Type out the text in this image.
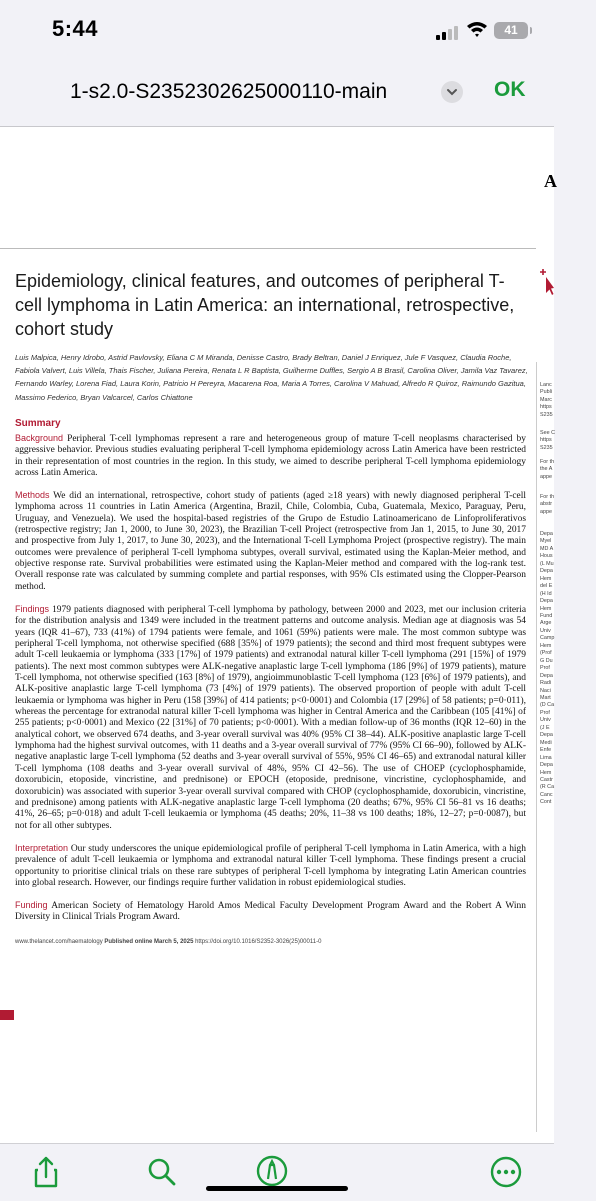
5:44	41
1-s2.0-S2352302625000110-main	OK
Epidemiology, clinical features, and outcomes of peripheral T-cell lymphoma in Latin America: an international, retrospective, cohort study
Luis Malpica, Henry Idrobo, Astrid Pavlovsky, Eliana C M Miranda, Denisse Castro, Brady Beltran, Daniel J Enriquez, Jule F Vasquez, Claudia Roche, Fabiola Valvert, Luis Villela, Thais Fischer, Juliana Pereira, Renata L R Baptista, Guilherme Duffles, Sergio A B Brasil, Carolina Oliver, Jamila Vaz Tavarez, Fernando Warley, Lorena Fiad, Laura Korin, Patricio H Pereyra, Macarena Roa, Maria A Torres, Carolina V Mahuad, Alfredo R Quiroz, Raimundo Gazitua, Massimo Federico, Bryan Valcarcel, Carlos Chiattone
Summary
Background Peripheral T-cell lymphomas represent a rare and heterogeneous group of mature T-cell neoplasms characterised by aggressive behavior. Previous studies evaluating peripheral T-cell lymphoma epidemiology across Latin America have been restricted in their representation of most countries in the region. In this study, we aimed to describe peripheral T-cell lymphoma epidemiology across Latin America.
Methods We did an international, retrospective, cohort study of patients (aged ≥18 years) with newly diagnosed peripheral T-cell lymphoma across 11 countries in Latin America (Argentina, Brazil, Chile, Colombia, Cuba, Guatemala, Mexico, Paraguay, Peru, Uruguay, and Venezuela). We used the hospital-based registries of the Grupo de Estudio Latinoamericano de Linfoproliferativos (retrospective registry; Jan 1, 2000, to June 30, 2023), the Brazilian T-cell Project (retrospective from Jan 1, 2015, to June 30, 2017 and prospective from July 1, 2017, to June 30, 2023), and the International T-cell Lymphoma Project (prospective registry). The main outcomes were prevalence of peripheral T-cell lymphoma subtypes, overall survival, estimated using the Kaplan-Meier method, and objective response rate. Survival probabilities were estimated using the Kaplan-Meier method and compared with the log-rank test. Overall response rate was calculated by summing complete and partial responses, with 95% CIs estimated using the Clopper-Pearson method.
Findings 1979 patients diagnosed with peripheral T-cell lymphoma by pathology, between 2000 and 2023, met our inclusion criteria for the distribution analysis and 1349 were included in the treatment patterns and outcome analysis. Median age at diagnosis was 54 years (IQR 41–67), 733 (41%) of 1794 patients were female, and 1061 (59%) patients were male. The most common subtype was peripheral T-cell lymphoma, not otherwise specified (688 [35%] of 1979 patients); the second and third most frequent subtypes were adult T-cell leukaemia or lymphoma (333 [17%] of 1979 patients) and extranodal natural killer T-cell lymphoma (291 [15%] of 1979 patients). The next most common subtypes were ALK-negative anaplastic large T-cell lymphoma (186 [9%] of 1979 patients), mature T-cell lymphoma, not otherwise specified (163 [8%] of 1979), angioimmunoblastic T-cell lymphoma (123 [6%] of 1979 patients), and ALK-positive anaplastic large T-cell lymphoma (73 [4%] of 1979 patients). The observed proportion of people with adult T-cell leukaemia or lymphoma was higher in Peru (158 [39%] of 414 patients; p<0·0001) and Colombia (17 [29%] of 58 patients; p=0·011), whereas the percentage for extranodal natural killer T-cell lymphoma was higher in Central America and the Caribbean (105 [41%] of 255 patients; p<0·0001) and Mexico (22 [31%] of 70 patients; p<0·0001). With a median follow-up of 36 months (IQR 12–60) in the analytical cohort, we observed 674 deaths, and 3-year overall survival was 40% (95% CI 38–44). ALK-positive anaplastic large T-cell lymphoma had the highest survival outcomes, with 11 deaths and a 3-year overall survival of 77% (95% CI 66–90), followed by ALK-negative anaplastic large T-cell lymphoma (52 deaths and 3-year overall survival of 55%, 95% CI 46–65) and extranodal natural killer T-cell lymphoma (108 deaths and 3-year overall survival of 48%, 95% CI 42–56). The use of CHOEP (cyclophosphamide, doxorubicin, etoposide, vincristine, and prednisone) or EPOCH (etoposide, prednisone, vincristine, cyclophosphamide, and doxorubicin) was associated with superior 3-year overall survival compared with CHOP (cyclophosphamide, doxorubicin, vincristine, and prednisone) among patients with ALK-negative anaplastic large T-cell lymphoma (20 deaths; 67%, 95% CI 56–81 vs 16 deaths; 41%, 26–65; p=0·018) and adult T-cell leukaemia or lymphoma (45 deaths; 20%, 11–38 vs 100 deaths; 18%, 12–27; p=0·0087), but not for all other subtypes.
Interpretation Our study underscores the unique epidemiological profile of peripheral T-cell lymphoma in Latin America, with a high prevalence of adult T-cell leukaemia or lymphoma and extranodal natural killer T-cell lymphoma. These findings present a crucial opportunity to prioritise clinical trials on these rare subtypes of peripheral T-cell lymphoma by integrating Latin American countries into global research. However, our findings require further validation in robust epidemiological studies.
Funding American Society of Hematology Harold Amos Medical Faculty Development Program Award and the Robert A Winn Diversity in Clinical Trials Program Award.
www.thelancet.com/haematology Published online March 5, 2025 https://doi.org/10.1016/S2352-3026(25)00011-0
A
Lanc
Publi
Marc
https
S235
See C
https
S235
For th
the A
appe
For th
abstr
appe
Depa
Myel
MD A
Hous
(L Mu
Depa
Hem
del E
(H Id
Depa
Hem
Fund
Arge
Univ
Camp
Hem
(Prof
G Du
Prof
Depa
Radi
Naci
Mart
(D Ca
Prof
Univ
(J E
Depa
Medi
Enfe
Lima
Depa
Hem
Castr
(R Ca
Canc
Cont
